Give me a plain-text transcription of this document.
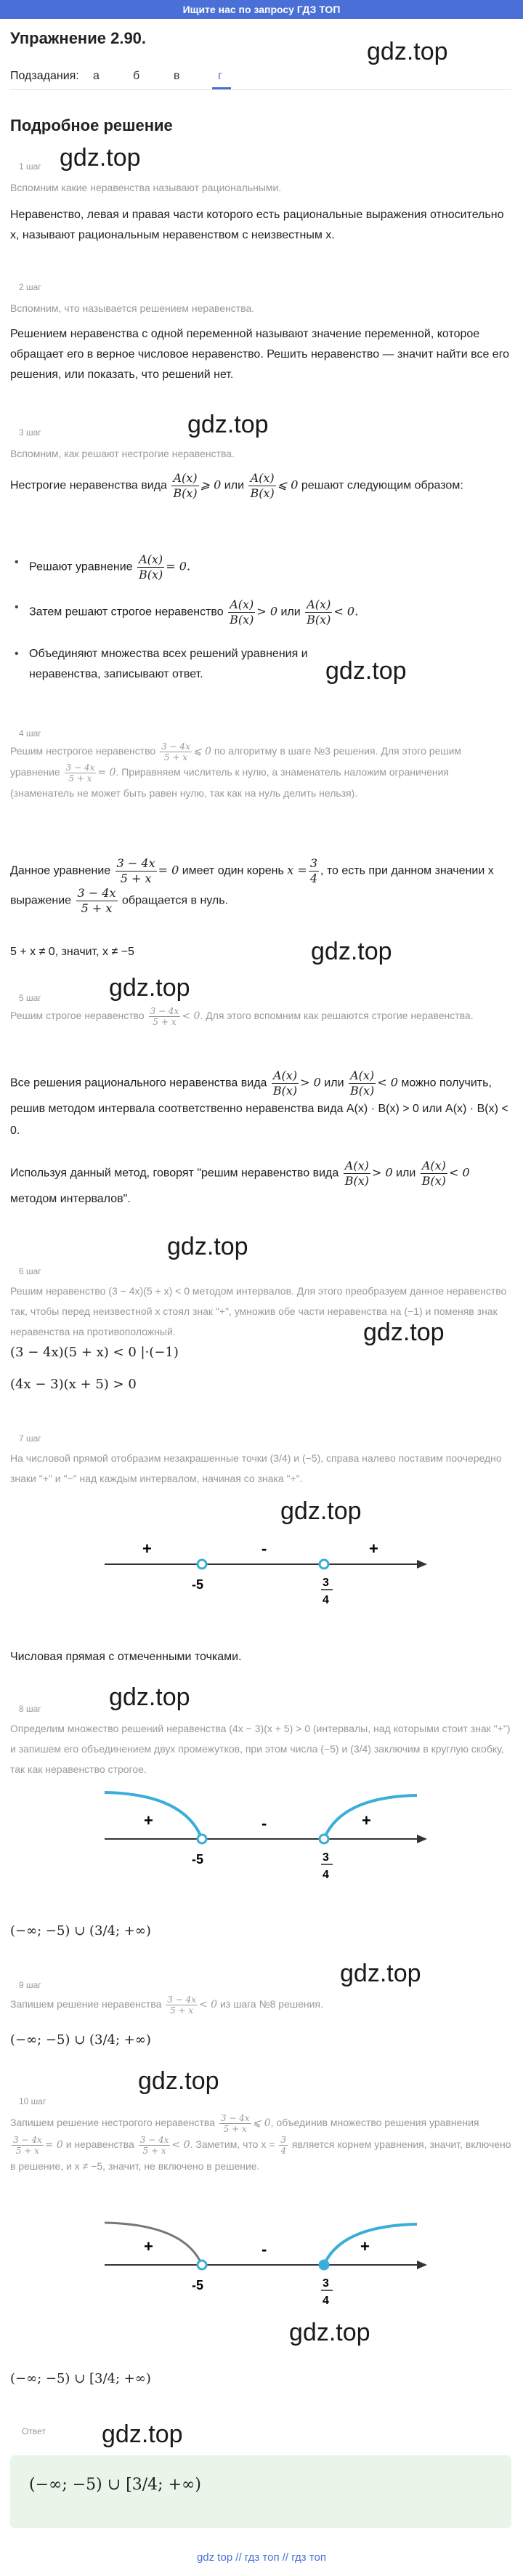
Ищите нас по запросу ГДЗ ТОП
Упражнение 2.90.	gdz.top
Подзадания: а	б	в	г
Подробное решение
1 шаг gdz.top
Вспомним какие неравенства называют рациональными.
Неравенство, левая и правая части которого есть рациональные выражения относительно x, называют рациональным неравенством с неизвестным x.
2 шаг
Вспомним, что называется решением неравенства.
Решением неравенства с одной переменной называют значение переменной, которое обращает его в верное числовое неравенство. Решить неравенство — значит найти все его решения, или показать, что решений нет.
3 шаг	gdz.top
Вспомним, как решают нестрогие неравенства.
Нестрогие неравенства вида $\frac{A(x)}{B(x)}$ ⩾ 0 или $\frac{A(x)}{B(x)}$ ⩽ 0 решают следующим образом:
• Решают уравнение $\frac{A(x)}{B(x)} = 0$.
• Затем решают строгое неравенство $\frac{A(x)}{B(x)} > 0$ или $\frac{A(x)}{B(x)} < 0$.
• Объединяют множества всех решений уравнения и неравенства, записывают ответ.	gdz.top
4 шаг
Решим нестрогое неравенство $\frac{3 - 4x}{5 + x}$ ⩽ 0 по алгоритму в шаге №3 решения. Для этого решим уравнение $\frac{3 - 4x}{5 + x} = 0$. Приравняем числитель к нулю, а знаменатель наложим ограничения (знаменатель не может быть равен нулю, так как на нуль делить нельзя).
Данное уравнение $\frac{3 - 4x}{5 + x} = 0$ имеет один корень $x = \frac{3}{4}$ , то есть при данном значении x выражение $\frac{3 - 4x}{5 + x}$ обращается в нуль.
5 + x ≠ 0, значит, x ≠ −5	gdz.top
gdz.top
5 шаг
Решим строгое неравенство $\frac{3 - 4x}{5 + x} < 0$. Для этого вспомним как решаются строгие неравенства.
Все решения рационального неравенства вида $\frac{A(x)}{B(x)} > 0$ или $\frac{A(x)}{B(x)} < 0$ можно получить, решив методом интервала соответственно неравенства вида A(x) · B(x) > 0 или A(x) · B(x) < 0.
Используя данный метод, говорят "решим неравенство вида $\frac{A(x)}{B(x)} > 0$ или $\frac{A(x)}{B(x)} < 0$ методом интервалов".
gdz.top
6 шаг
Решим неравенство (3 − 4x)(5 + x) < 0 методом интервалов. Для этого преобразуем данное неравенство так, чтобы перед неизвестной x стоял знак "+", умножив обе части неравенства на (−1) и поменяв знак неравенства на противоположный.
(3 − 4x)(5 + x) < 0 |·(−1)
gdz.top
(4x − 3)(x + 5) > 0
7 шаг
На числовой прямой отобразим незакрашенные точки (3/4) и (−5), справа налево поставим поочередно знаки "+" и "−" над каждым интервалом, начиная со знака "+".
gdz.top
+	-	+
-5	3
4
Числовая прямая с отмеченными точками.
gdz.top
8 шаг
Определим множество решений неравенства (4x − 3)(x + 5) > 0 (интервалы, над которыми стоит знак "+") и запишем его объединением двух промежутков, при этом числа (−5) и (3/4) заключим в круглую скобку, так как неравенство строгое.
+	-	+
-5	3
4
(−∞; −5) ∪ (3/4; +∞)
gdz.top
9 шаг
Запишем решение неравенства $\frac{3 - 4x}{5 + x} < 0$ из шага №8 решения.
(−∞; −5) ∪ (3/4; +∞)
gdz.top
10 шаг
Запишем решение нестрогого неравенства $\frac{3 - 4x}{5 + x}$ ⩽ 0, объединив множество решения уравнения
$\frac{3 - 4x}{5 + x} = 0$ и неравенства $\frac{3 - 4x}{5 + x} < 0$. Заметим, что $x = \frac{3}{4}$ является корнем уравнения, значит, включено в решение, и x ≠ −5, значит, не включено в решение.
+	-	+
-5	3
4
gdz.top
(−∞; −5) ∪ [3/4; +∞)
Ответ gdz.top
(−∞; −5) ∪ [3/4; +∞)
gdz top // гдз топ // гдз топ
